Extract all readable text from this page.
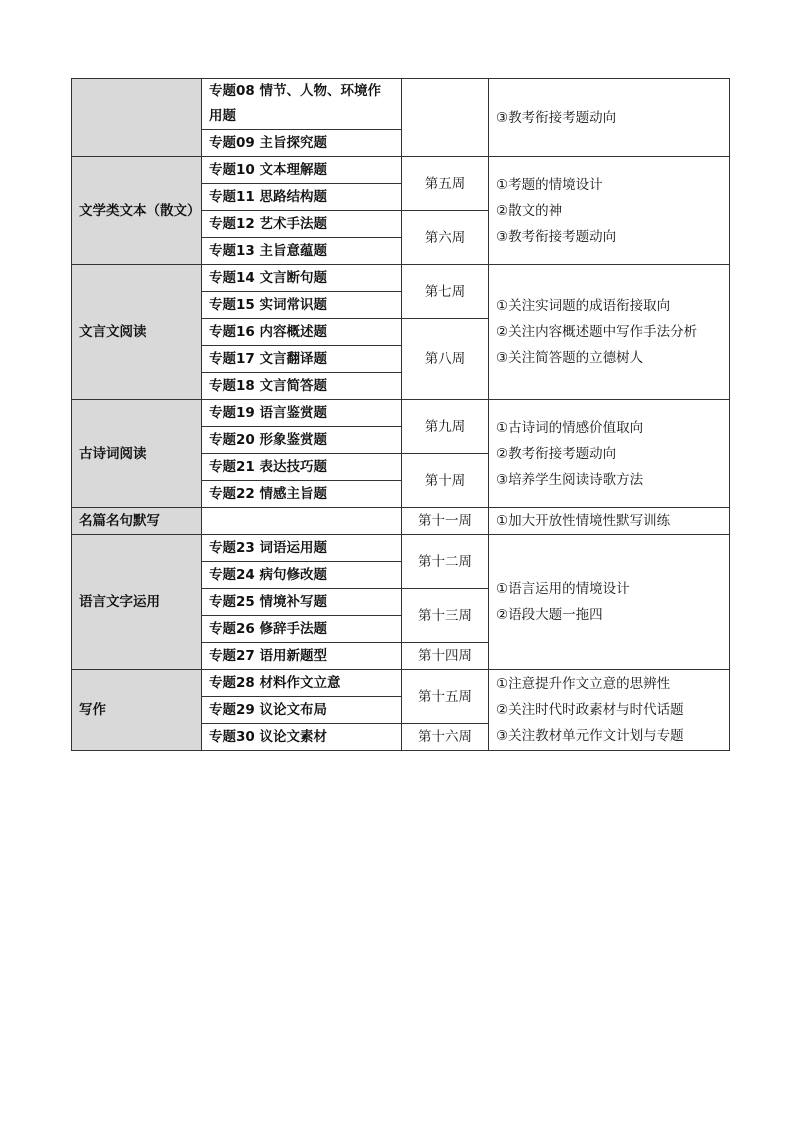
	专题08 情节、人物、环境作用题		③教考衔接考题动向

	专题09 主旨探究题		
文学类文本（散文）	专题10 文本理解题	第五周	①考题的情境设计
②散文的神
③教考衔接考题动向

	专题11 思路结构题		
	专题12 艺术手法题	第六周	
	专题13 主旨意蕴题		
文言文阅读	专题14 文言断句题	第七周	①关注实词题的成语衔接取向
②关注内容概述题中写作手法分析
③关注简答题的立德树人

	专题15 实词常识题		
	专题16 内容概述题	第八周	
	专题17 文言翻译题		
	专题18 文言简答题		
古诗词阅读	专题19 语言鉴赏题	第九周	①古诗词的情感价值取向
②教考衔接考题动向
③培养学生阅读诗歌方法

	专题20 形象鉴赏题		
	专题21 表达技巧题	第十周	
	专题22 情感主旨题		
名篇名句默写		第十一周	①加大开放性情境性默写训练

语言文字运用	专题23 词语运用题	第十二周	①语言运用的情境设计
②语段大题一拖四

	专题24 病句修改题		
	专题25 情境补写题	第十三周	
	专题26 修辞手法题		
	专题27 语用新题型	第十四周	
写作	专题28 材料作文立意	第十五周	①注意提升作文立意的思辨性
②关注时代时政素材与时代话题
③关注教材单元作文计划与专题

	专题29 议论文布局		
	专题30 议论文素材	第十六周	
